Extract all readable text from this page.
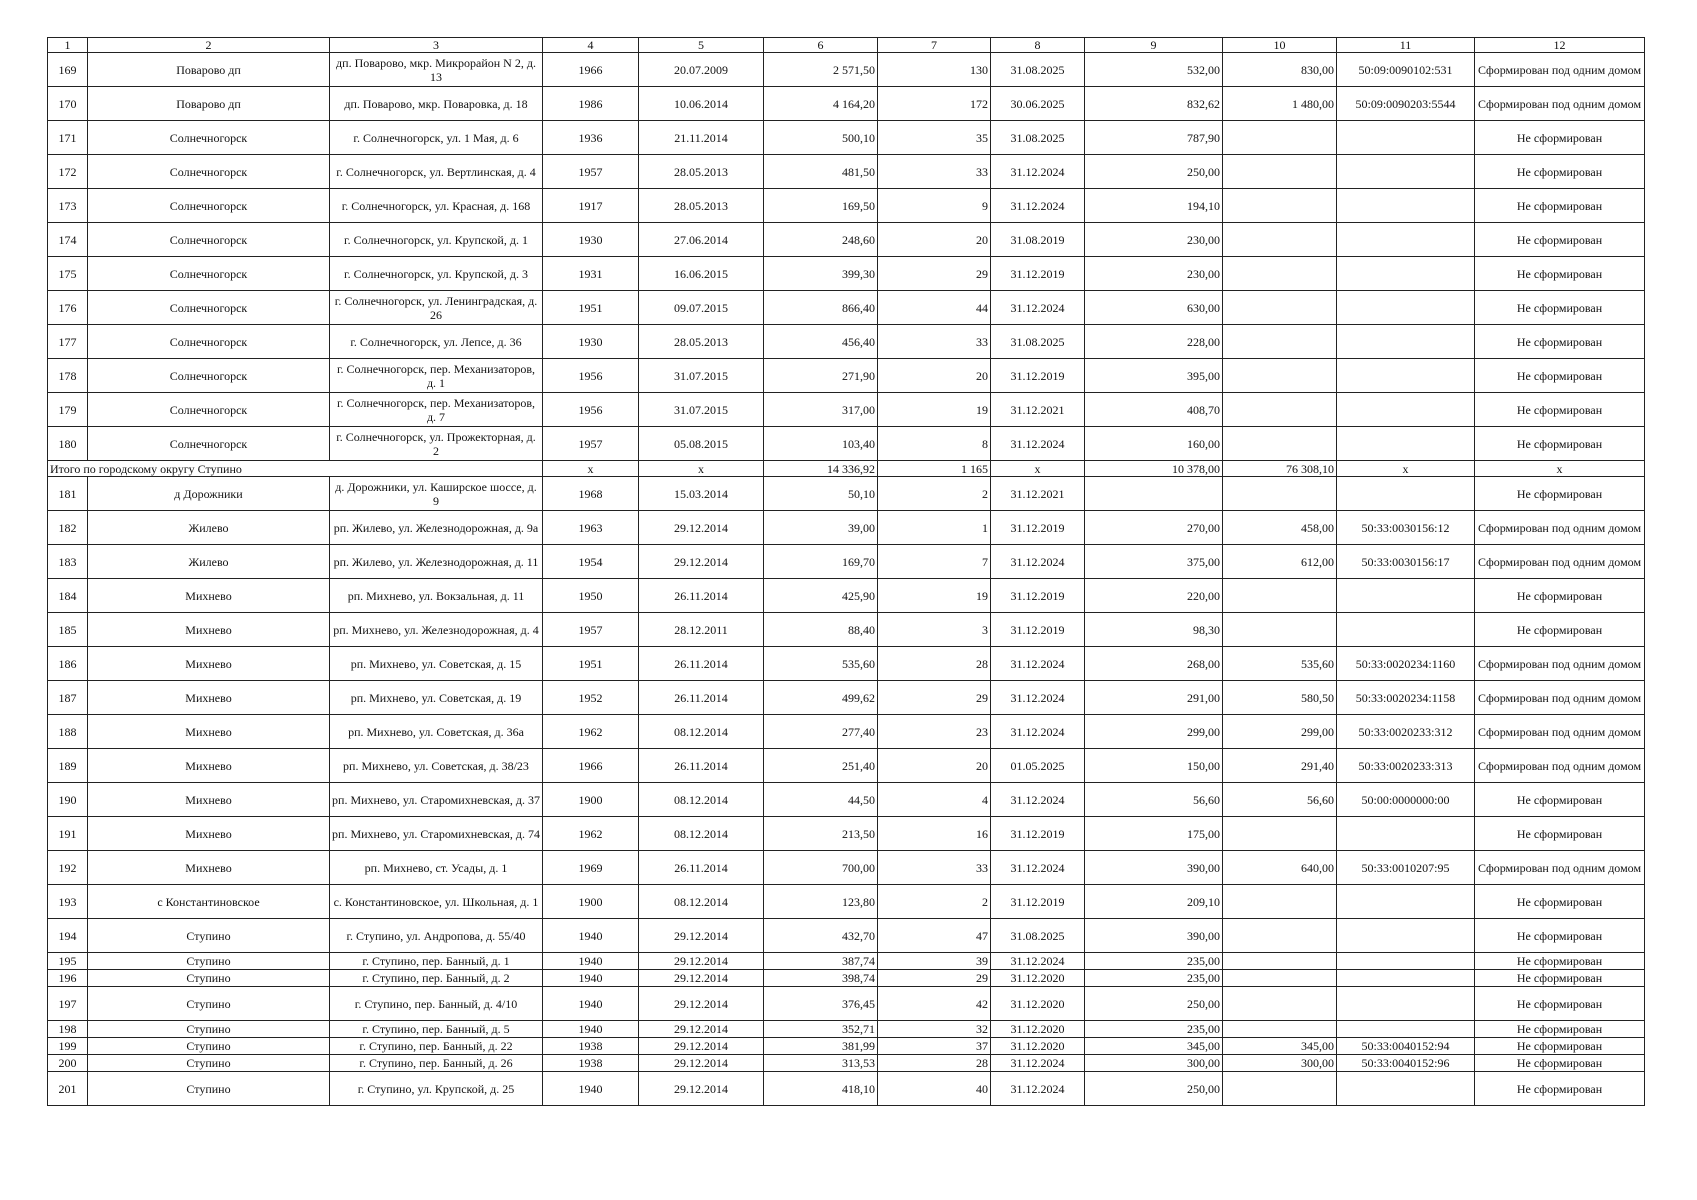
1	2	3	4	5	6	7	8	9	10	11	12
169	Поварово дп	дп. Поварово, мкр. Микрорайон N 2, д. 13	1966	20.07.2009	2 571,50	130	31.08.2025	532,00	830,00	50:09:0090102:531	Сформирован под одним домом
170	Поварово дп	дп. Поварово, мкр. Поваровка, д. 18	1986	10.06.2014	4 164,20	172	30.06.2025	832,62	1 480,00	50:09:0090203:5544	Сформирован под одним домом
171	Солнечногорск	г. Солнечногорск, ул. 1 Мая, д. 6	1936	21.11.2014	500,10	35	31.08.2025	787,90			Не сформирован
172	Солнечногорск	г. Солнечногорск, ул. Вертлинская, д. 4	1957	28.05.2013	481,50	33	31.12.2024	250,00			Не сформирован
173	Солнечногорск	г. Солнечногорск, ул. Красная, д. 168	1917	28.05.2013	169,50	9	31.12.2024	194,10			Не сформирован
174	Солнечногорск	г. Солнечногорск, ул. Крупской, д. 1	1930	27.06.2014	248,60	20	31.08.2019	230,00			Не сформирован
175	Солнечногорск	г. Солнечногорск, ул. Крупской, д. 3	1931	16.06.2015	399,30	29	31.12.2019	230,00			Не сформирован
176	Солнечногорск	г. Солнечногорск, ул. Ленинградская, д. 26	1951	09.07.2015	866,40	44	31.12.2024	630,00			Не сформирован
177	Солнечногорск	г. Солнечногорск, ул. Лепсе, д. 36	1930	28.05.2013	456,40	33	31.08.2025	228,00			Не сформирован
178	Солнечногорск	г. Солнечногорск, пер. Механизаторов, д. 1	1956	31.07.2015	271,90	20	31.12.2019	395,00			Не сформирован
179	Солнечногорск	г. Солнечногорск, пер. Механизаторов, д. 7	1956	31.07.2015	317,00	19	31.12.2021	408,70			Не сформирован
180	Солнечногорск	г. Солнечногорск, ул. Прожекторная, д. 2	1957	05.08.2015	103,40	8	31.12.2024	160,00			Не сформирован
Итого по городскому округу Ступино			х	х	14 336,92	1 165	х	10 378,00	76 308,10	х	х
181	д Дорожники	д. Дорожники, ул. Каширское шоссе, д. 9	1968	15.03.2014	50,10	2	31.12.2021				Не сформирован
182	Жилево	рп. Жилево, ул. Железнодорожная, д. 9а	1963	29.12.2014	39,00	1	31.12.2019	270,00	458,00	50:33:0030156:12	Сформирован под одним домом
183	Жилево	рп. Жилево, ул. Железнодорожная, д. 11	1954	29.12.2014	169,70	7	31.12.2024	375,00	612,00	50:33:0030156:17	Сформирован под одним домом
184	Михнево	рп. Михнево, ул. Вокзальная, д. 11	1950	26.11.2014	425,90	19	31.12.2019	220,00			Не сформирован
185	Михнево	рп. Михнево, ул. Железнодорожная, д. 4	1957	28.12.2011	88,40	3	31.12.2019	98,30			Не сформирован
186	Михнево	рп. Михнево, ул. Советская, д. 15	1951	26.11.2014	535,60	28	31.12.2024	268,00	535,60	50:33:0020234:1160	Сформирован под одним домом
187	Михнево	рп. Михнево, ул. Советская, д. 19	1952	26.11.2014	499,62	29	31.12.2024	291,00	580,50	50:33:0020234:1158	Сформирован под одним домом
188	Михнево	рп. Михнево, ул. Советская, д. 36а	1962	08.12.2014	277,40	23	31.12.2024	299,00	299,00	50:33:0020233:312	Сформирован под одним домом
189	Михнево	рп. Михнево, ул. Советская, д. 38/23	1966	26.11.2014	251,40	20	01.05.2025	150,00	291,40	50:33:0020233:313	Сформирован под одним домом
190	Михнево	рп. Михнево, ул. Старомихневская, д. 37	1900	08.12.2014	44,50	4	31.12.2024	56,60	56,60	50:00:0000000:00	Не сформирован
191	Михнево	рп. Михнево, ул. Старомихневская, д. 74	1962	08.12.2014	213,50	16	31.12.2019	175,00			Не сформирован
192	Михнево	рп. Михнево, ст. Усады, д. 1	1969	26.11.2014	700,00	33	31.12.2024	390,00	640,00	50:33:0010207:95	Сформирован под одним домом
193	с Константиновское	с. Константиновское, ул. Школьная, д. 1	1900	08.12.2014	123,80	2	31.12.2019	209,10			Не сформирован
194	Ступино	г. Ступино, ул. Андропова, д. 55/40	1940	29.12.2014	432,70	47	31.08.2025	390,00			Не сформирован
195	Ступино	г. Ступино, пер. Банный, д. 1	1940	29.12.2014	387,74	39	31.12.2024	235,00			Не сформирован
196	Ступино	г. Ступино, пер. Банный, д. 2	1940	29.12.2014	398,74	29	31.12.2020	235,00			Не сформирован
197	Ступино	г. Ступино, пер. Банный, д. 4/10	1940	29.12.2014	376,45	42	31.12.2020	250,00			Не сформирован
198	Ступино	г. Ступино, пер. Банный, д. 5	1940	29.12.2014	352,71	32	31.12.2020	235,00			Не сформирован
199	Ступино	г. Ступино, пер. Банный, д. 22	1938	29.12.2014	381,99	37	31.12.2020	345,00	345,00	50:33:0040152:94	Не сформирован
200	Ступино	г. Ступино, пер. Банный, д. 26	1938	29.12.2014	313,53	28	31.12.2024	300,00	300,00	50:33:0040152:96	Не сформирован
201	Ступино	г. Ступино, ул. Крупской, д. 25	1940	29.12.2014	418,10	40	31.12.2024	250,00			Не сформирован
